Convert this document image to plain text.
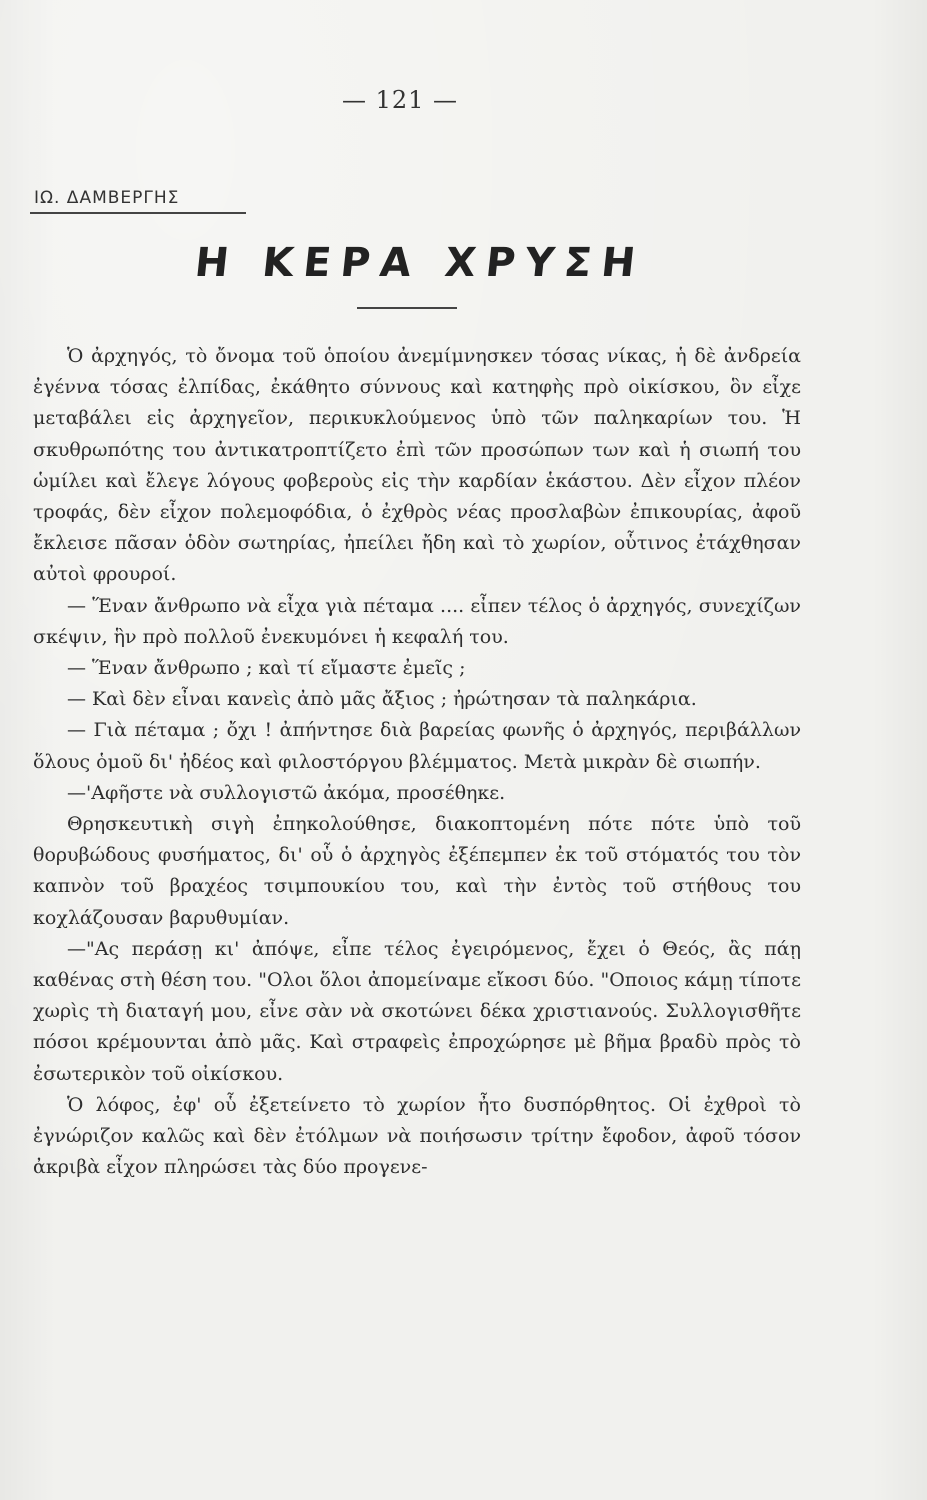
— 121 —
ΙΩ. ΔΑΜΒΕΡΓΗΣ
Η ΚΕΡΑ ΧΡΥΣΗ

Ὁ ἀρχηγός, τὸ ὄνομα τοῦ ὁποίου ἀνεμίμνησκεν τόσας νίκας, ἡ δὲ ἀνδρεία ἐγέννα τόσας ἐλπίδας, ἐκάθητο σύννους καὶ κατηφὴς πρὸ οἰκίσκου, ὃν εἶχε μεταβάλει εἰς ἀρχηγεῖον, περικυκλούμενος ὑπὸ τῶν παληκαρίων του. Ἡ σκυθρωπότης του ἀντικατροπτίζετο ἐπὶ τῶν προσώπων των καὶ ἡ σιωπή του ὡμίλει καὶ ἔλεγε λόγους φοβεροὺς εἰς τὴν καρδίαν ἑκάστου. Δὲν εἶχον πλέον τροφάς, δὲν εἶχον πολεμοφόδια, ὁ ἐχθρὸς νέας προσλαβὼν ἐπικουρίας, ἀφοῦ ἔκλεισε πᾶσαν ὁδὸν σωτηρίας, ἠπείλει ἤδη καὶ τὸ χωρίον, οὗτινος ἐτάχθησαν αὐτοὶ φρουροί.

— Ἕναν ἄνθρωπο νὰ εἶχα γιὰ πέταμα .... εἶπεν τέλος ὁ ἀρχηγός, συνεχίζων σκέψιν, ἣν πρὸ πολλοῦ ἐνεκυμόνει ἡ κεφαλή του.

— Ἕναν ἄνθρωπο ; καὶ τί εἴμαστε ἐμεῖς ;

— Καὶ δὲν εἶναι κανεὶς ἀπὸ μᾶς ἄξιος ; ἠρώτησαν τὰ παληκάρια.

— Γιὰ πέταμα ; ὄχι ! ἀπήντησε διὰ βαρείας φωνῆς ὁ ἀρχηγός, περιβάλλων ὅλους ὁμοῦ δι' ἠδέος καὶ φιλοστόργου βλέμματος. Μετὰ μικρὰν δὲ σιωπήν.

—'Αφῆστε νὰ συλλογιστῶ ἀκόμα, προσέθηκε.

Θρησκευτικὴ σιγὴ ἐπηκολούθησε, διακοπτομένη πότε πότε ὑπὸ τοῦ θορυβώδους φυσήματος, δι' οὗ ὁ ἀρχηγὸς ἐξέπεμπεν ἐκ τοῦ στόματός του τὸν καπνὸν τοῦ βραχέος τσιμπουκίου του, καὶ τὴν ἐντὸς τοῦ στήθους του κοχλάζουσαν βαρυθυμίαν.

—"Ας περάσῃ κι' ἀπόψε, εἶπε τέλος ἐγειρόμενος, ἔχει ὁ Θεός, ἂς πάῃ καθένας στὴ θέση του. "Ολοι ὅλοι ἀπομείναμε εἴκοσι δύο. "Οποιος κάμῃ τίποτε χωρὶς τὴ διαταγή μου, εἶνε σὰν νὰ σκοτώνει δέκα χριστιανούς. Συλλογισθῆτε πόσοι κρέμουνται ἀπὸ μᾶς. Καὶ στραφεὶς ἐπροχώρησε μὲ βῆμα βραδὺ πρὸς τὸ ἐσωτερικὸν τοῦ οἰκίσκου.

Ὁ λόφος, ἐφ' οὗ ἐξετείνετο τὸ χωρίον ἦτο δυσπόρθητος. Οἱ ἐχθροὶ τὸ ἐγνώριζον καλῶς καὶ δὲν ἐτόλμων νὰ ποιήσωσιν τρίτην ἔφοδον, ἀφοῦ τόσον ἀκριβὰ εἶχον πληρώσει τὰς δύο προγενε-
